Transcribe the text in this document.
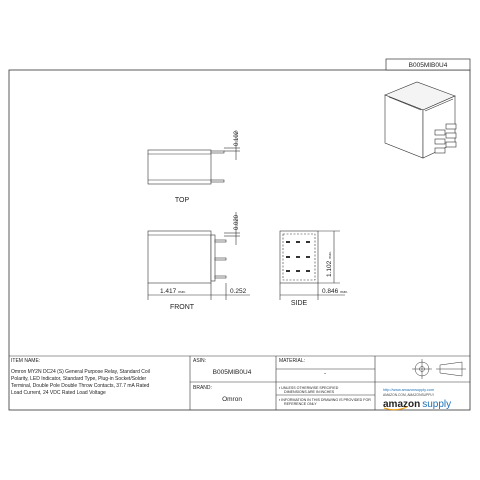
B005MIB0U4
0.102
TOP
0.020
1.417 max.	0.252
FRONT
1.102max.
0.846 max.
SIDE
ITEM NAME:
Omron MY2N DC24 (S) General Purpose Relay, Standard Coil
Polarity, LED Indicator, Standard Type, Plug-in Socket/Solder
Terminal, Double Pole Double Throw Contacts, 37.7 mA Rated
Load Current, 24 VDC Rated Load Voltage
ASIN:
B005MIB0U4
BRAND:
Omron
MATERIAL:
-
▪ UNLESS OTHERWISE SPECIFIED
DIMENSIONS ARE IN INCHES
▪ INFORMATION IN THIS DRAWING IS PROVIDED FOR
REFERENCE ONLY
http://www.amazonsupply.com
AMAZON.COM, AMAZONSUPPLY
amazon supply
